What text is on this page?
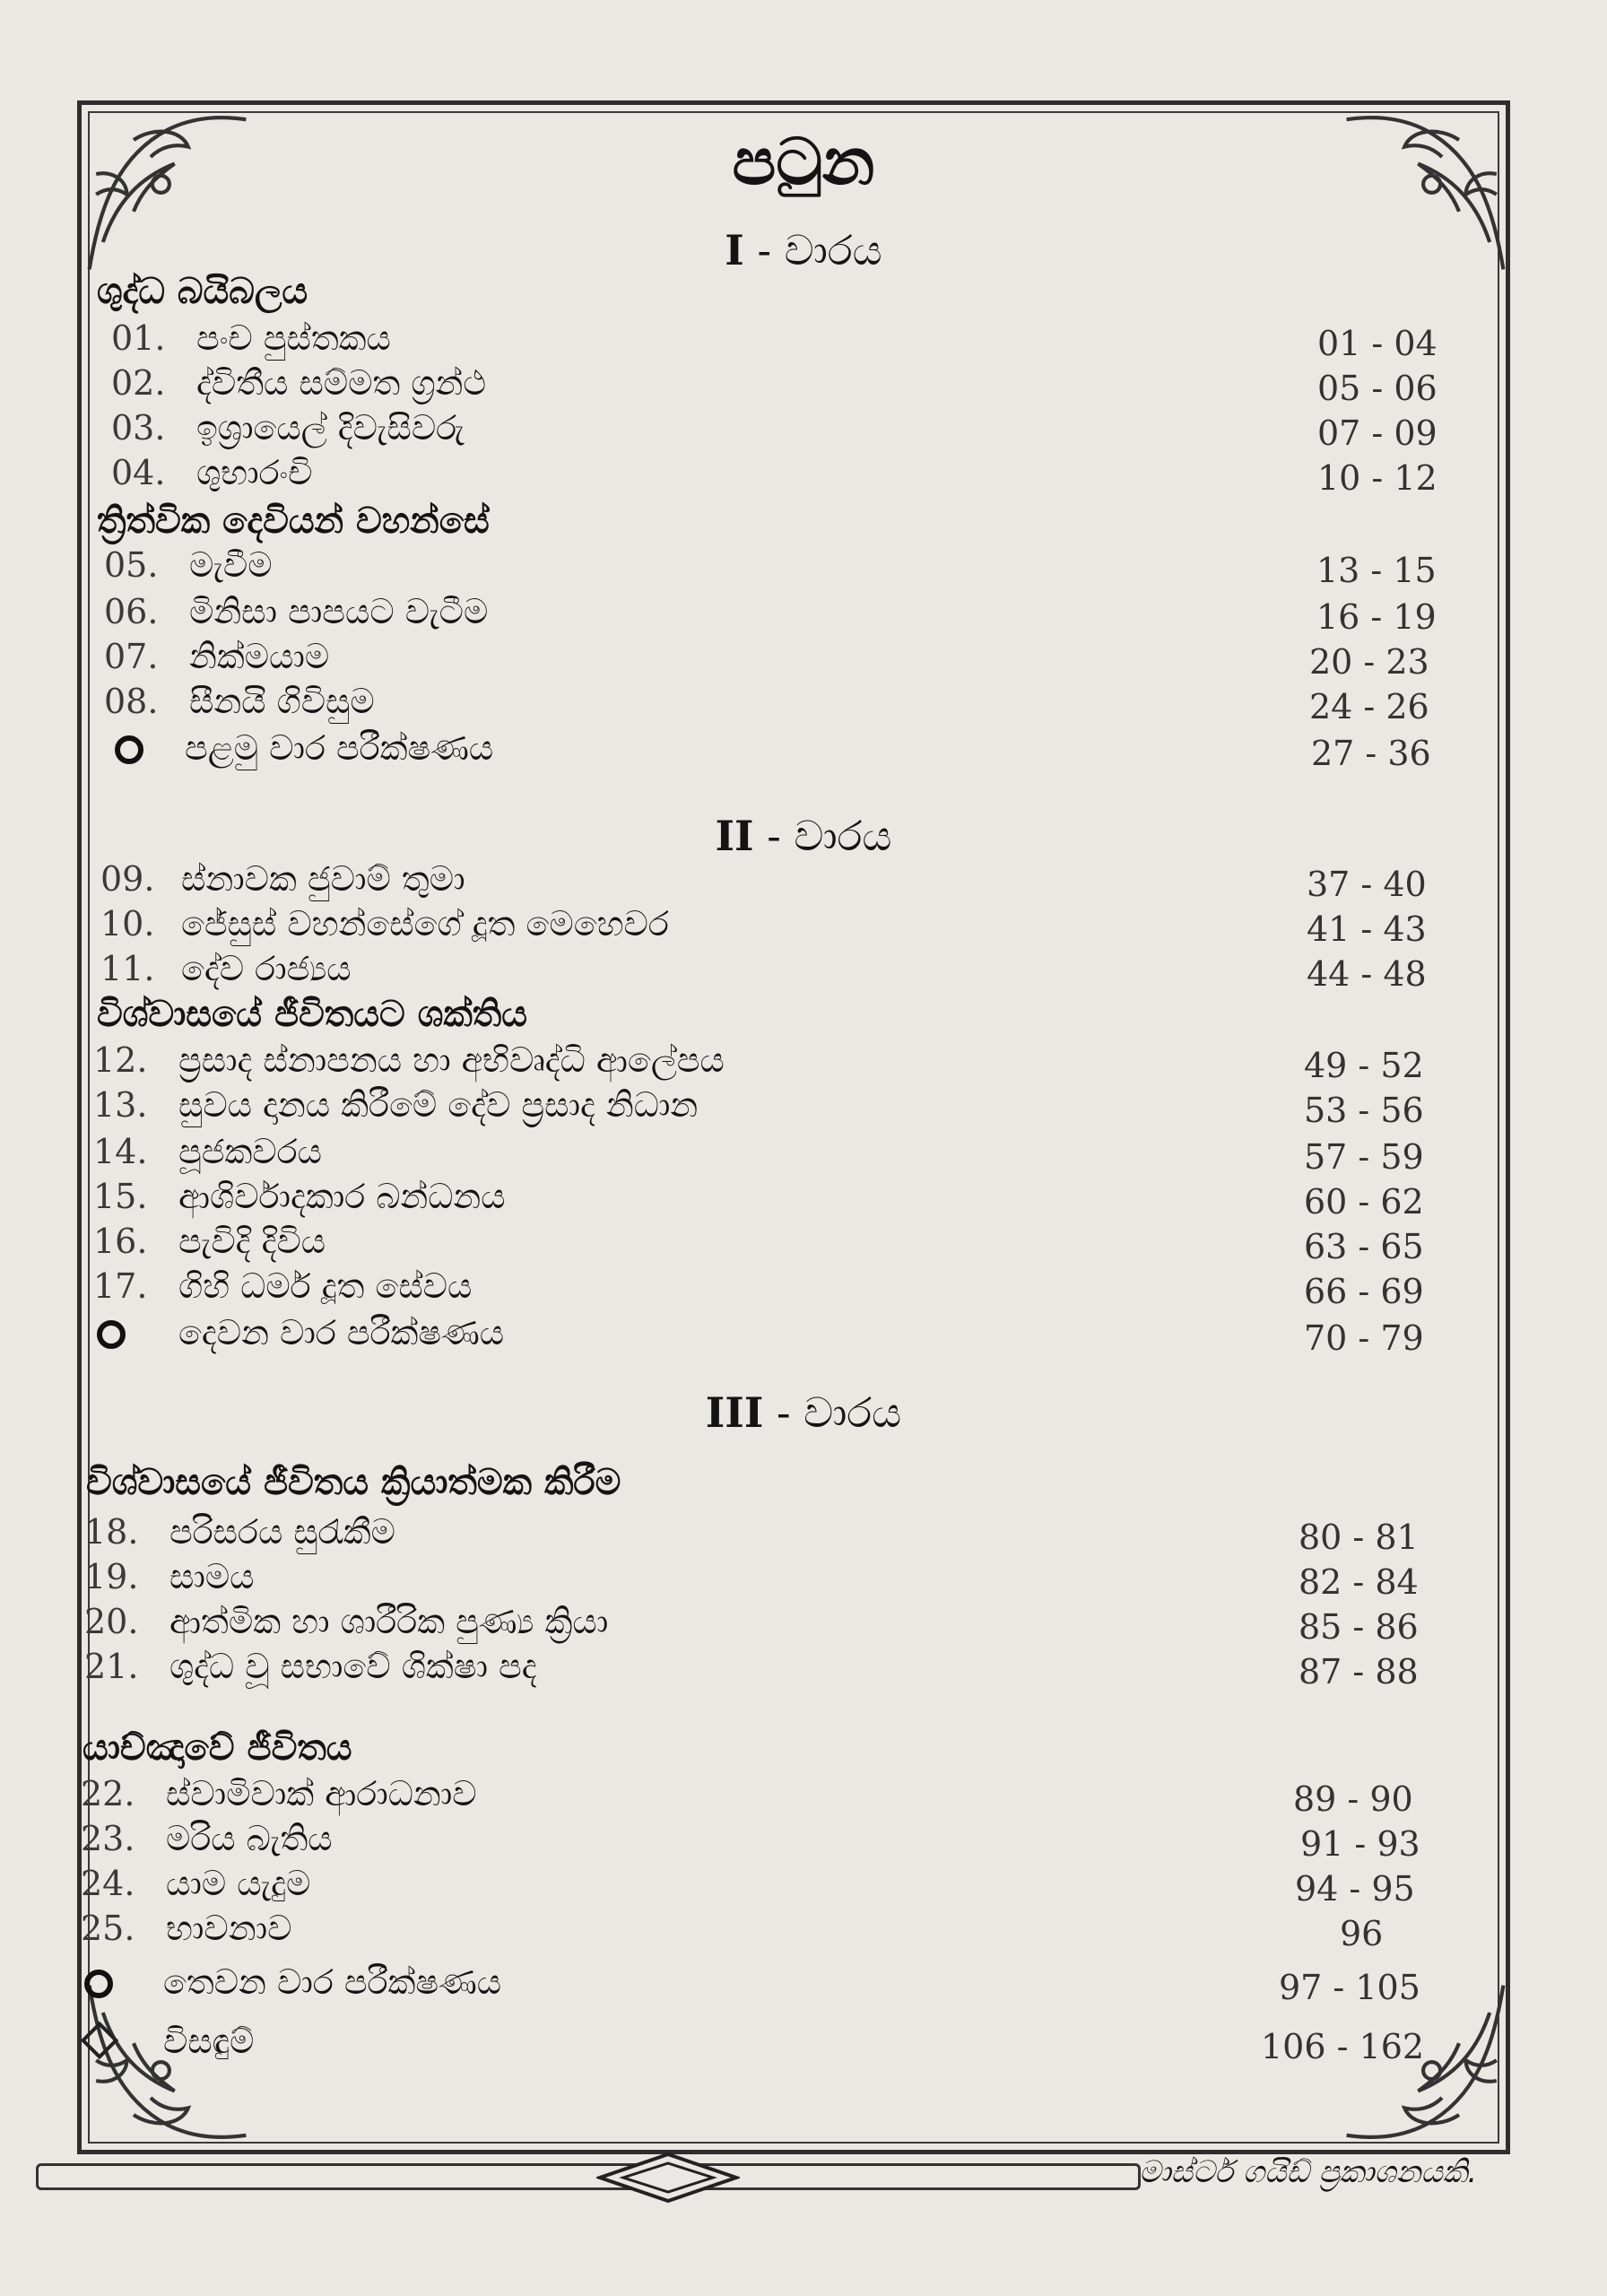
පටුන
I - වාරය
ශුද්ධ බයිබලය
01. පංච පුස්තකය	01 - 04
02. ද්විතීය සම්මත ග්‍රන්ථ	05 - 06
03. ඉශ්‍රායෙල් දිවැසිවරු	07 - 09
04. ශුභාරංචි	10 - 12
ත්‍රිත්වික දෙවියන් වහන්සේ
05. මැවීම	13 - 15
06. මිනිසා පාපයට වැටීම	16 - 19
07. නික්මයාම	20 - 23
08. සීනයි ගිවිසුම	24 - 26
පළමු වාර පරීක්ෂණය	27 - 36
II - වාරය
09. ස්නාවක ජුවාම් තුමා	37 - 40
10. ජේසුස් වහන්සේගේ දූත මෙහෙවර	41 - 43
11. දේව රාජ්‍යය	44 - 48
විශ්වාසයේ ජීවිතයට ශක්තිය
12. ප්‍රසාද ස්නාපනය හා අභිවෘද්ධි ආලේපය	49 - 52
13. සුවය දානය කිරීමේ දේව ප්‍රසාද නිධාන	53 - 56
14. පූජකවරය	57 - 59
15. ආශිර්වාදකාර බන්ධනය	60 - 62
16. පැවිදි දිවිය	63 - 65
17. ගිහි ධර්ම දූත සේවය	66 - 69
දෙවන වාර පරීක්ෂණය	70 - 79
III - වාරය
විශ්වාසයේ ජීවිතය ක්‍රියාත්මක කිරීම
18. පරිසරය සුරැකීම	80 - 81
19. සාමය	82 - 84
20. ආත්මික හා ශාරීරික පුණ්‍ය ක්‍රියා	85 - 86
21. ශුද්ධ වූ සභාවේ ශික්ෂා පද	87 - 88
යාච්ඤාවේ ජීවිතය
22. ස්වාමිවාක් ආරාධනාව	89 - 90
23. මරිය බැතිය	91 - 93
24. යාම යැදුම	94 - 95
25. භාවනාව	96
තෙවන වාර පරීක්ෂණය	97 - 105
විසඳුම්	106 - 162
මාස්ටර් ගයිඩ් ප්‍රකාශනයකි.
